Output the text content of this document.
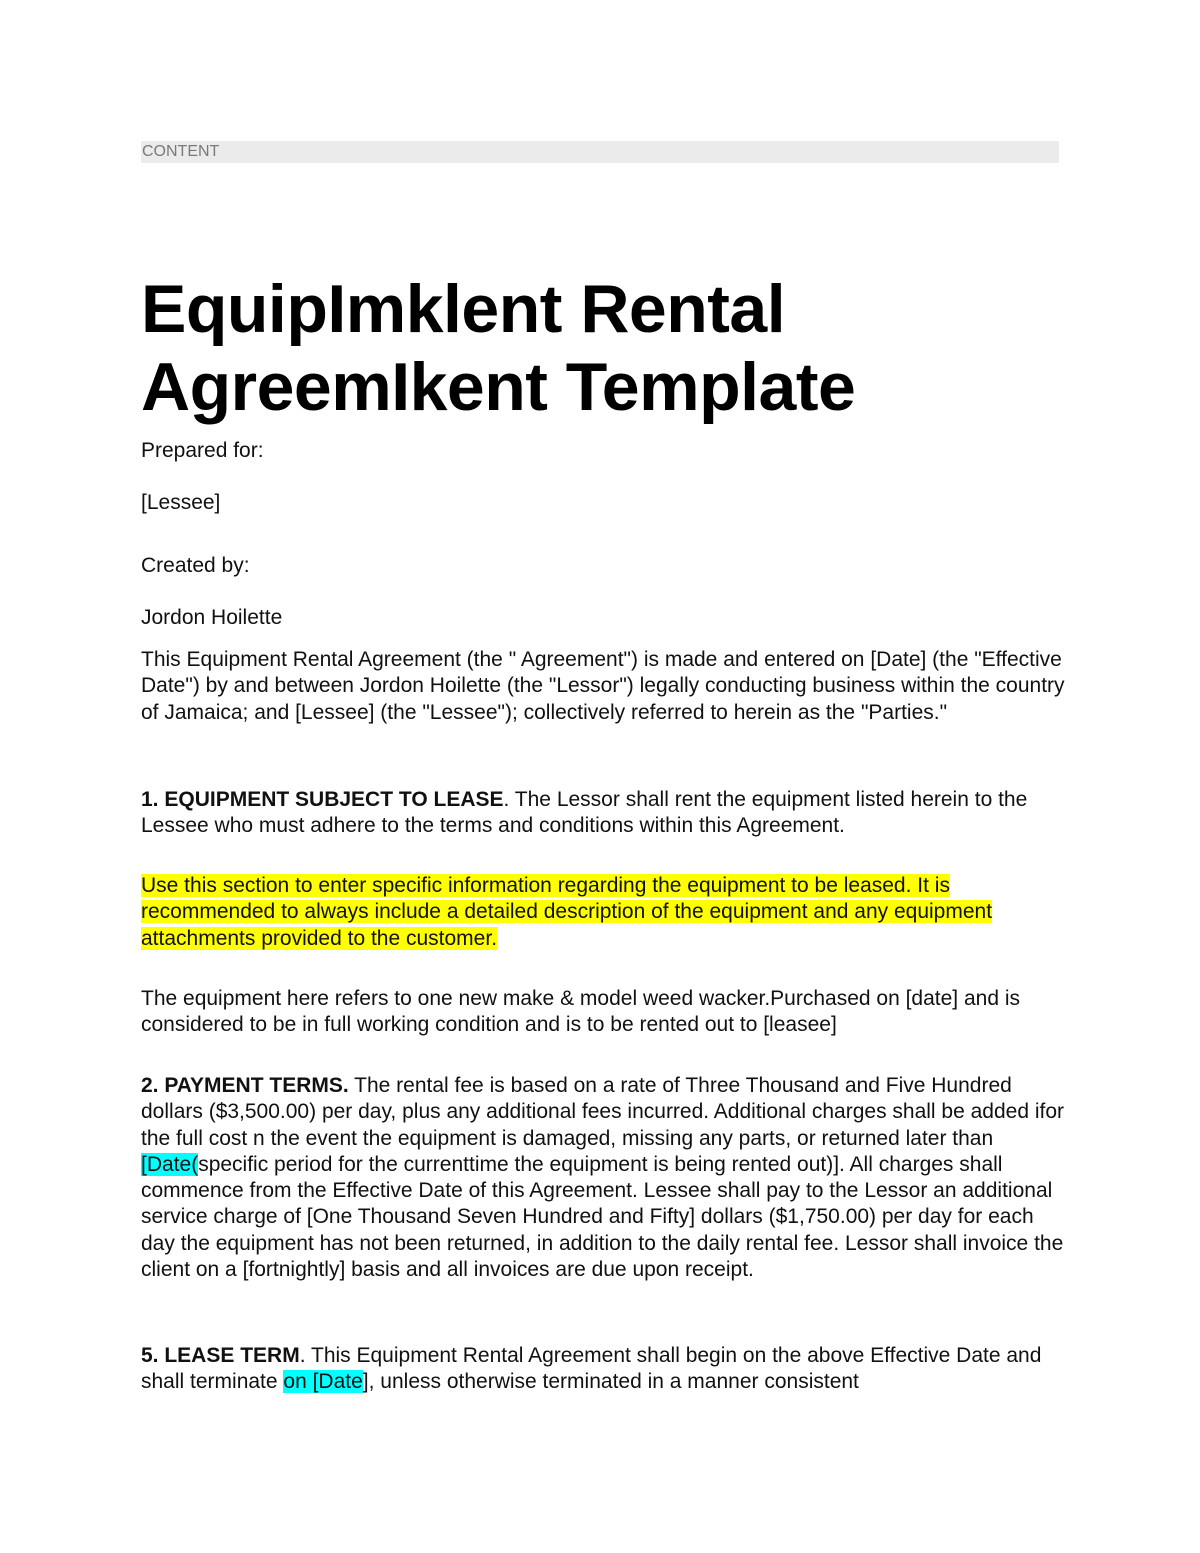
CONTENT
EquipImklent Rental
AgreemIkent Template

Prepared for:

[Lessee]

Created by:

Jordon Hoilette

This Equipment Rental Agreement (the " Agreement") is made and entered on [Date] (the "Effective Date") by and between Jordon Hoilette (the "Lessor") legally conducting business within the country of Jamaica; and [Lessee] (the "Lessee"); collectively referred to herein as the "Parties."

1. EQUIPMENT SUBJECT TO LEASE. The Lessor shall rent the equipment listed herein to the Lessee who must adhere to the terms and conditions within this Agreement.

Use this section to enter specific information regarding the equipment to be leased. It is recommended to always include a detailed description of the equipment and any equipment attachments provided to the customer.

The equipment here refers to one new make & model weed wacker.Purchased on [date] and is considered to be in full working condition and is to be rented out to [leasee]

2. PAYMENT TERMS. The rental fee is based on a rate of Three Thousand and Five Hundred dollars ($3,500.00) per day, plus any additional fees incurred. Additional charges shall be added ifor the full cost n the event the equipment is damaged, missing any parts, or returned later than [Date(specific period for the currenttime the equipment is being rented out)]. All charges shall commence from the Effective Date of this Agreement. Lessee shall pay to the Lessor an additional service charge of [One Thousand Seven Hundred and Fifty] dollars ($1,750.00) per day for each day the equipment has not been returned, in addition to the daily rental fee. Lessor shall invoice the client on a [fortnightly] basis and all invoices are due upon receipt.

5. LEASE TERM. This Equipment Rental Agreement shall begin on the above Effective Date and shall terminate on [Date], unless otherwise terminated in a manner consistent
